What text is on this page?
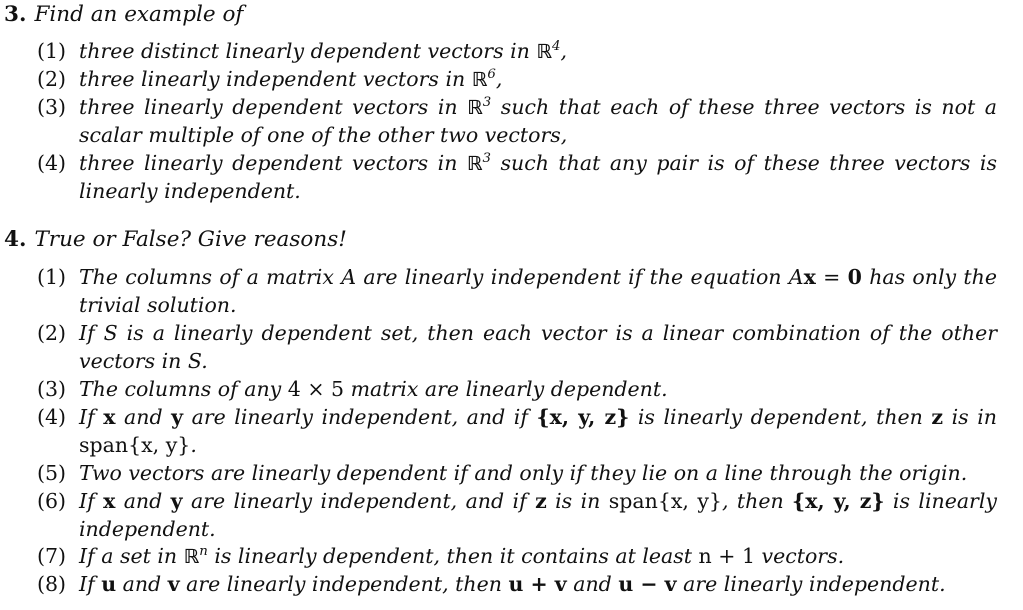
3. Find an example of
(1) three distinct linearly dependent vectors in ℝ$^4$,
(2) three linearly independent vectors in ℝ$^6$,
(3) three linearly dependent vectors in ℝ$^3$ such that each of these three vectors is not a scalar multiple of one of the other two vectors,
(4) three linearly dependent vectors in ℝ$^3$ such that any pair is of these three vectors is linearly independent.
4. True or False? Give reasons!
(1) The columns of a matrix A are linearly independent if the equation Ax = 0 has only the trivial solution.
(2) If S is a linearly dependent set, then each vector is a linear combination of the other vectors in S.
(3) The columns of any 4 × 5 matrix are linearly dependent.
(4) If x and y are linearly independent, and if {x, y, z} is linearly dependent, then z is in span{x, y}.
(5) Two vectors are linearly dependent if and only if they lie on a line through the origin.
(6) If x and y are linearly independent, and if z is in span{x, y}, then {x, y, z} is linearly independent.
(7) If a set in ℝ$^n$ is linearly dependent, then it contains at least n + 1 vectors.
(8) If u and v are linearly independent, then u + v and u − v are linearly independent.
